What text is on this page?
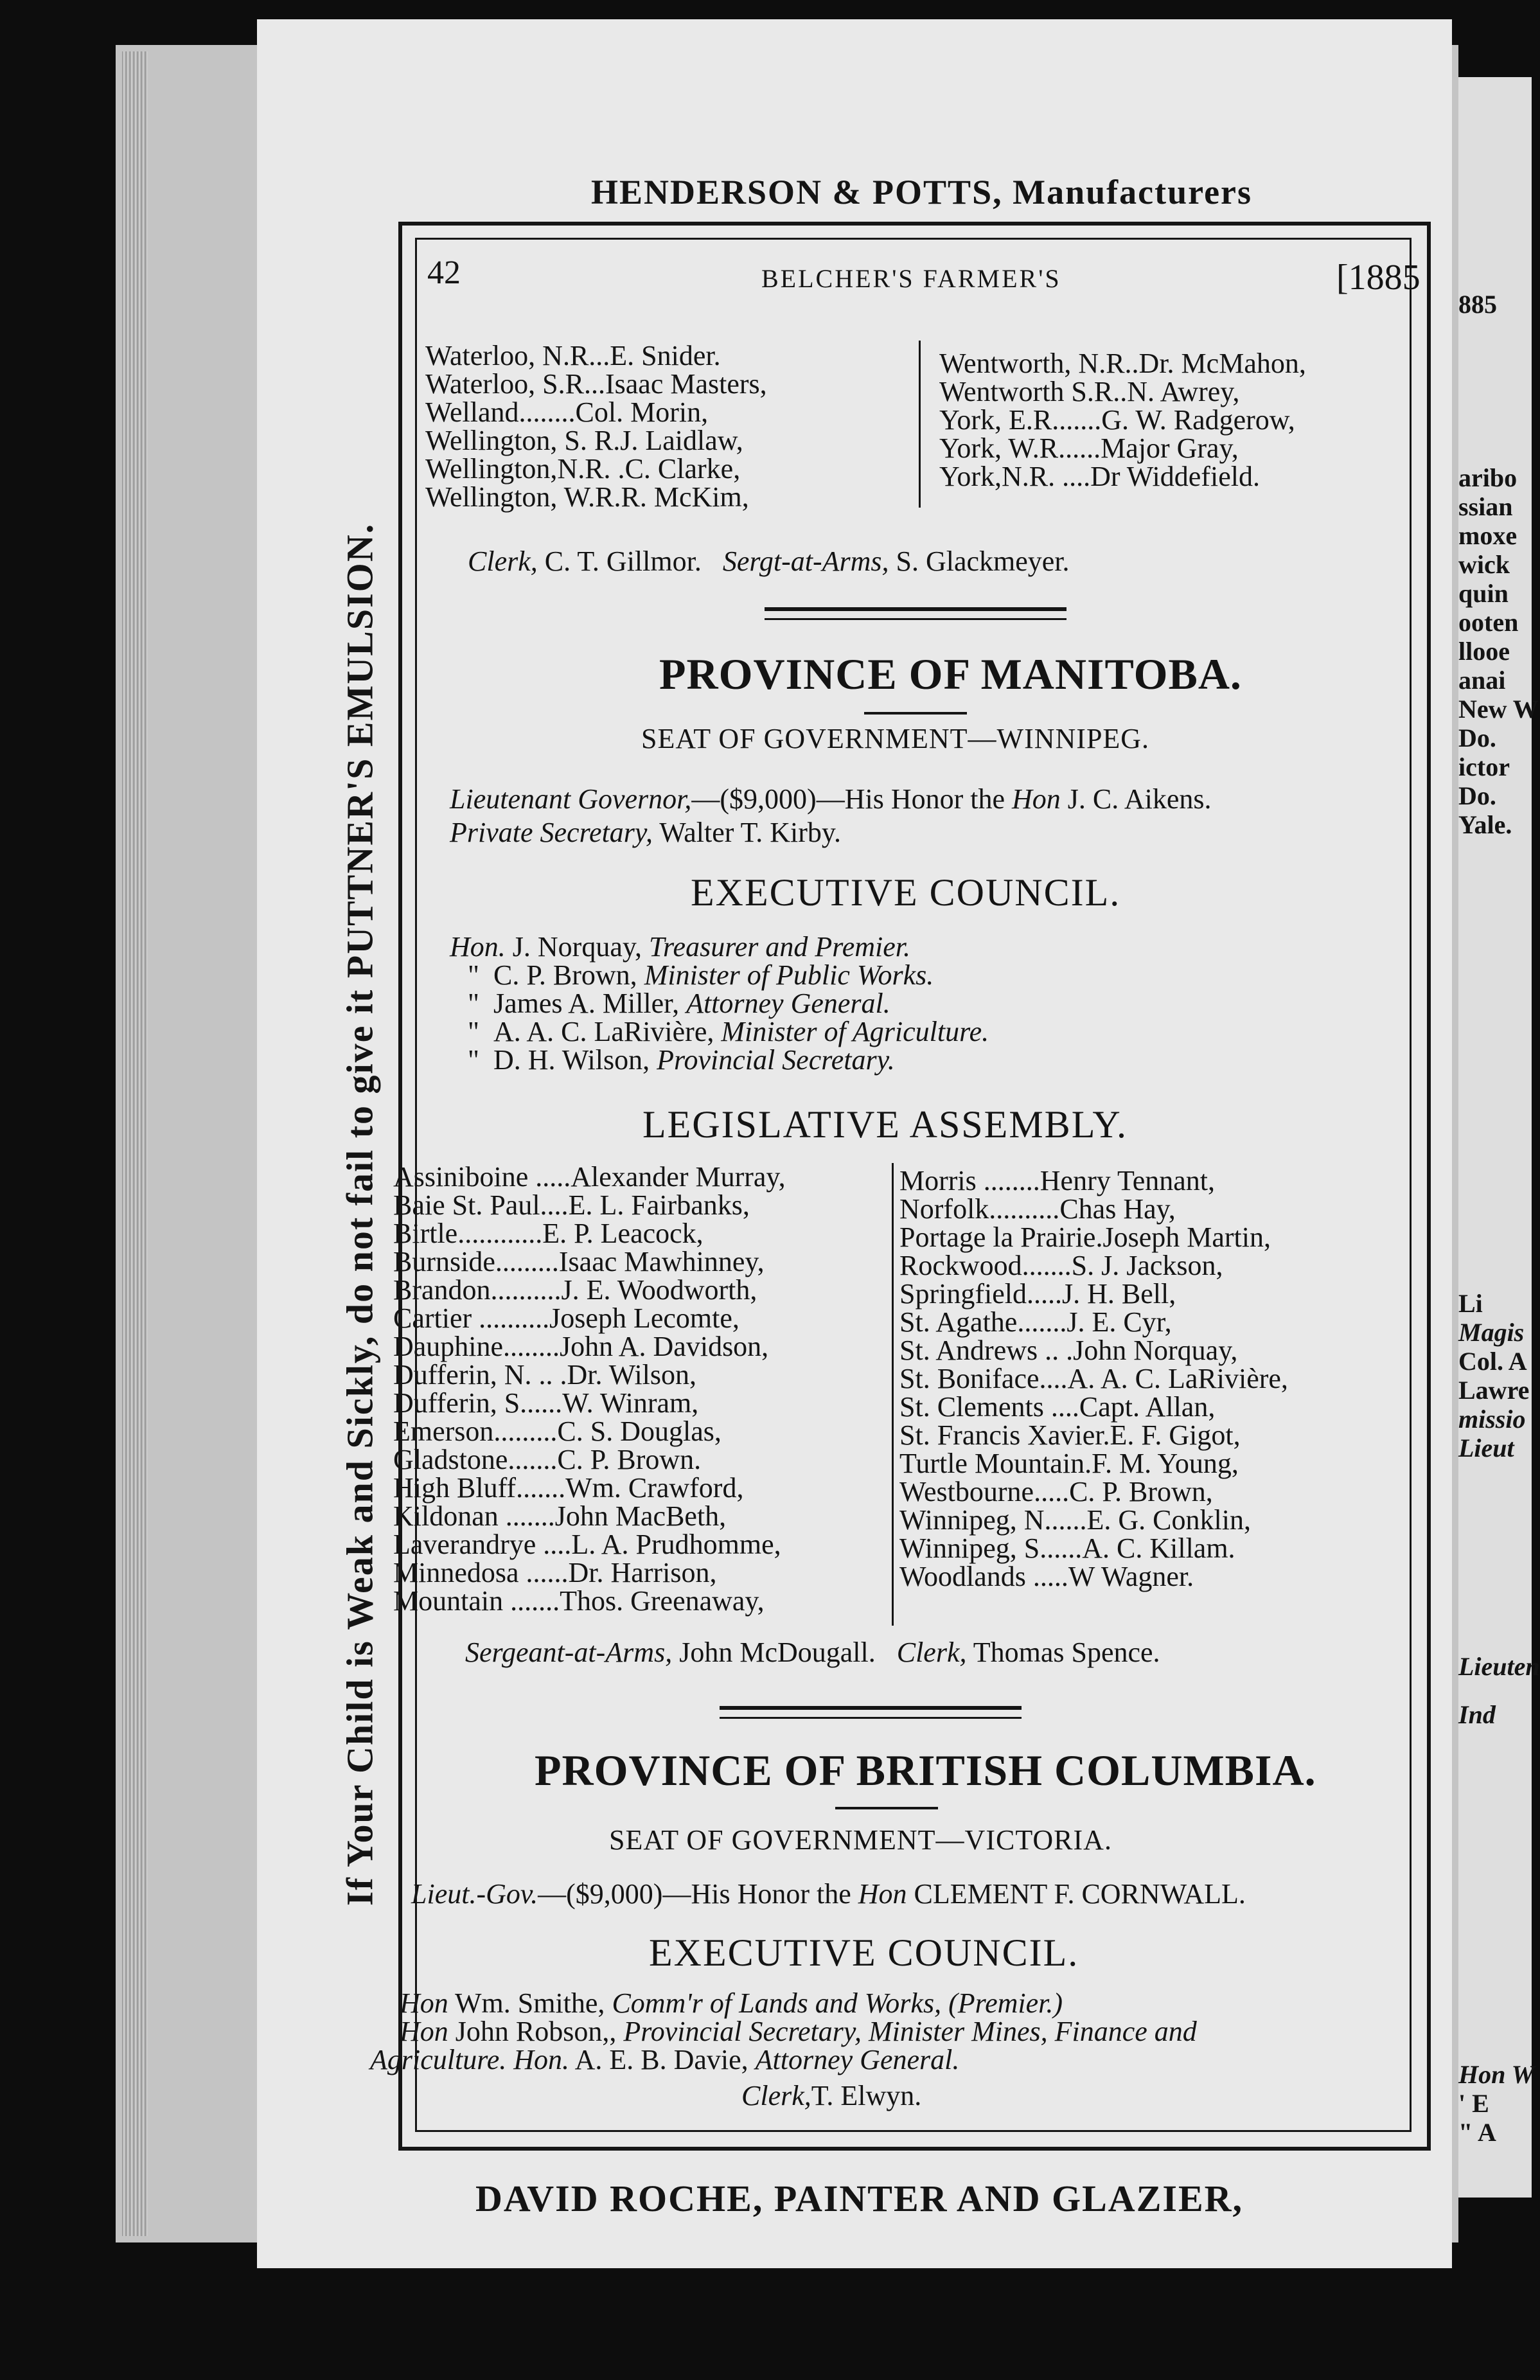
885
aribo
ssian
moxe
wick
quin
ooten
llooe
anai
New W
Do.
ictor
Do.
Yale.
Li
Magis
Col. A
Lawre
missio
Lieut
Lieuten
Ind
Hon W
' E
" A
HENDERSON & POTTS, Manufacturers
DAVID ROCHE, PAINTER AND GLAZIER,
If Your Child is Weak and Sickly, do not fail to give it PUTTNER'S EMULSION.
42	BELCHER'S FARMER'S	[1885
Waterloo, N.R...E. Snider.
Waterloo, S.R...Isaac Masters,
Welland........Col. Morin,
Wellington, S. R.J. Laidlaw,
Wellington,N.R. .C. Clarke,
Wellington, W.R.R. McKim,
Wentworth, N.R..Dr. McMahon,
Wentworth S.R..N. Awrey,
York, E.R.......G. W. Radgerow,
York, W.R......Major Gray,
York,N.R. ....Dr Widdefield.
Clerk, C. T. Gillmor. Sergt-at-Arms, S. Glackmeyer.
PROVINCE OF MANITOBA.
SEAT OF GOVERNMENT—WINNIPEG.
Lieutenant Governor,—($9,000)—His Honor the Hon J. C. Aikens.
Private Secretary, Walter T. Kirby.
EXECUTIVE COUNCIL.
Hon. J. Norquay, Treasurer and Premier.
" C. P. Brown, Minister of Public Works.
" James A. Miller, Attorney General.
" A. A. C. LaRivière, Minister of Agriculture.
" D. H. Wilson, Provincial Secretary.
LEGISLATIVE ASSEMBLY.
Assiniboine .....Alexander Murray,
Baie St. Paul....E. L. Fairbanks,
Birtle............E. P. Leacock,
Burnside.........Isaac Mawhinney,
Brandon..........J. E. Woodworth,
Cartier ..........Joseph Lecomte,
Dauphine........John A. Davidson,
Dufferin, N. .. .Dr. Wilson,
Dufferin, S......W. Winram,
Emerson.........C. S. Douglas,
Gladstone.......C. P. Brown.
High Bluff.......Wm. Crawford,
Kildonan .......John MacBeth,
Laverandrye ....L. A. Prudhomme,
Minnedosa ......Dr. Harrison,
Mountain .......Thos. Greenaway,
Morris ........Henry Tennant,
Norfolk..........Chas Hay,
Portage la Prairie.Joseph Martin,
Rockwood.......S. J. Jackson,
Springfield.....J. H. Bell,
St. Agathe.......J. E. Cyr,
St. Andrews .. .John Norquay,
St. Boniface....A. A. C. LaRivière,
St. Clements ....Capt. Allan,
St. Francis Xavier.E. F. Gigot,
Turtle Mountain.F. M. Young,
Westbourne.....C. P. Brown,
Winnipeg, N......E. G. Conklin,
Winnipeg, S......A. C. Killam.
Woodlands .....W Wagner.
Sergeant-at-Arms, John McDougall. Clerk, Thomas Spence.
PROVINCE OF BRITISH COLUMBIA.
SEAT OF GOVERNMENT—VICTORIA.
Lieut.-Gov.—($9,000)—His Honor the Hon CLEMENT F. CORNWALL.
EXECUTIVE COUNCIL.
Hon Wm. Smithe, Comm'r of Lands and Works, (Premier.)
Hon John Robson,, Provincial Secretary, Minister Mines, Finance and
Agriculture. Hon. A. E. B. Davie, Attorney General.
Clerk,T. Elwyn.
